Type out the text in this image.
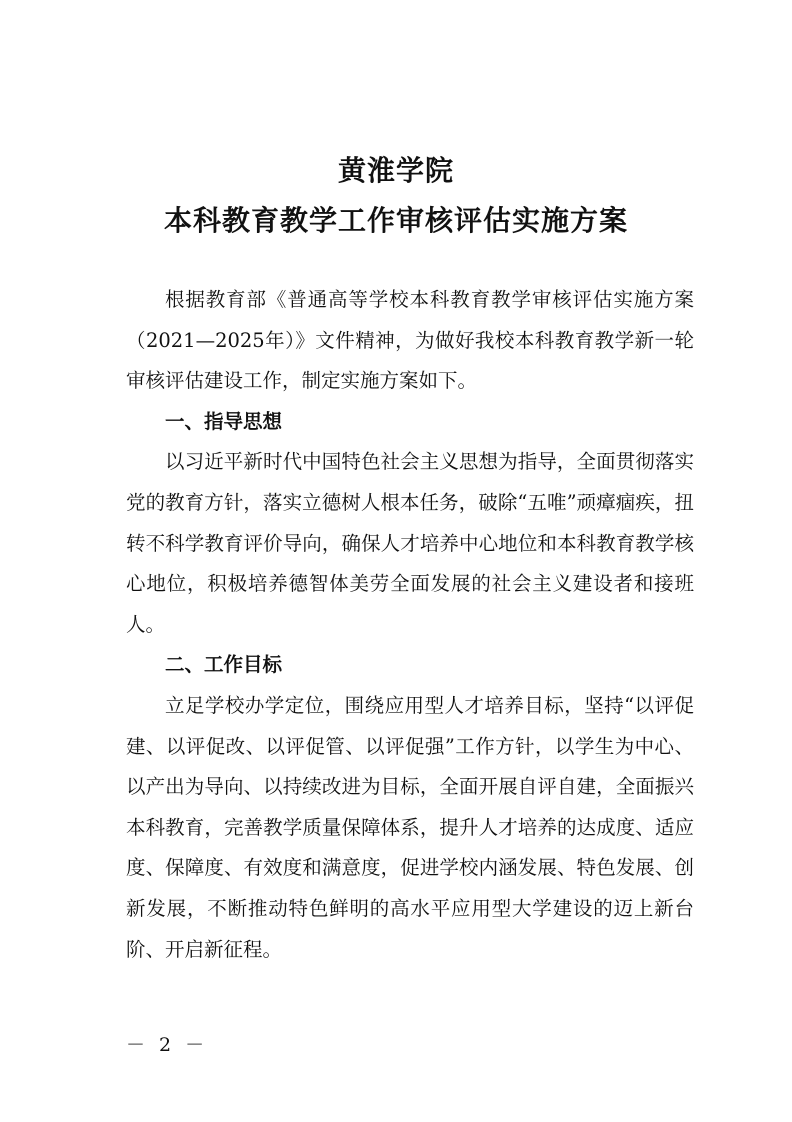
黄淮学院
本科教育教学工作审核评估实施方案

根据教育部《普通高等学校本科教育教学审核评估实施方案（2021—2025年）》文件精神，为做好我校本科教育教学新一轮审核评估建设工作，制定实施方案如下。

一、指导思想

以习近平新时代中国特色社会主义思想为指导，全面贯彻落实党的教育方针，落实立德树人根本任务，破除“五唯”顽瘴痼疾，扭转不科学教育评价导向，确保人才培养中心地位和本科教育教学核心地位，积极培养德智体美劳全面发展的社会主义建设者和接班人。

二、工作目标

立足学校办学定位，围绕应用型人才培养目标，坚持“以评促建、以评促改、以评促管、以评促强”工作方针，以学生为中心、以产出为导向、以持续改进为目标，全面开展自评自建，全面振兴本科教育，完善教学质量保障体系，提升人才培养的达成度、适应度、保障度、有效度和满意度，促进学校内涵发展、特色发展、创新发展，不断推动特色鲜明的高水平应用型大学建设的迈上新台阶、开启新征程。

－ 2 －
